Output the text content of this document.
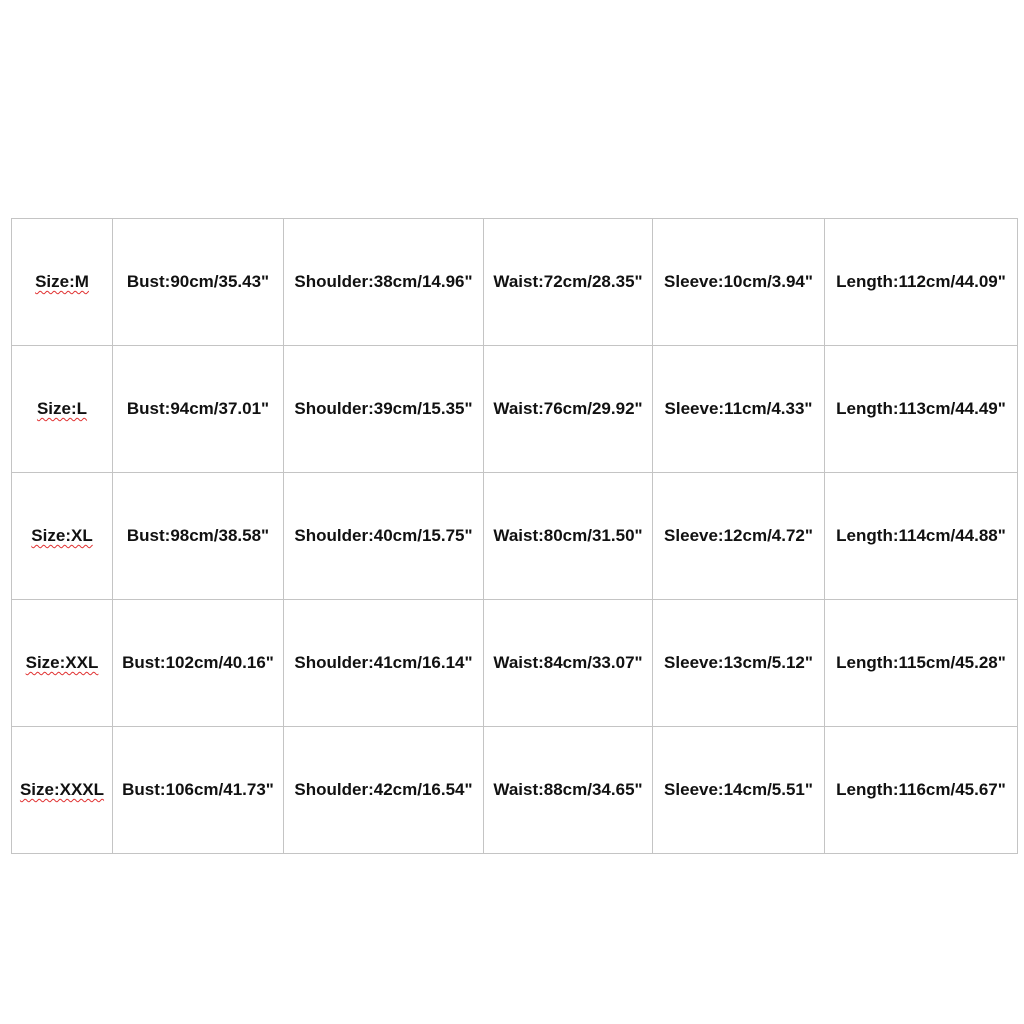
Size:M	Bust:90cm/35.43"	Shoulder:38cm/14.96"	Waist:72cm/28.35"	Sleeve:10cm/3.94"	Length:112cm/44.09"
Size:L	Bust:94cm/37.01"	Shoulder:39cm/15.35"	Waist:76cm/29.92"	Sleeve:11cm/4.33"	Length:113cm/44.49"
Size:XL	Bust:98cm/38.58"	Shoulder:40cm/15.75"	Waist:80cm/31.50"	Sleeve:12cm/4.72"	Length:114cm/44.88"
Size:XXL	Bust:102cm/40.16"	Shoulder:41cm/16.14"	Waist:84cm/33.07"	Sleeve:13cm/5.12"	Length:115cm/45.28"
Size:XXXL	Bust:106cm/41.73"	Shoulder:42cm/16.54"	Waist:88cm/34.65"	Sleeve:14cm/5.51"	Length:116cm/45.67"
